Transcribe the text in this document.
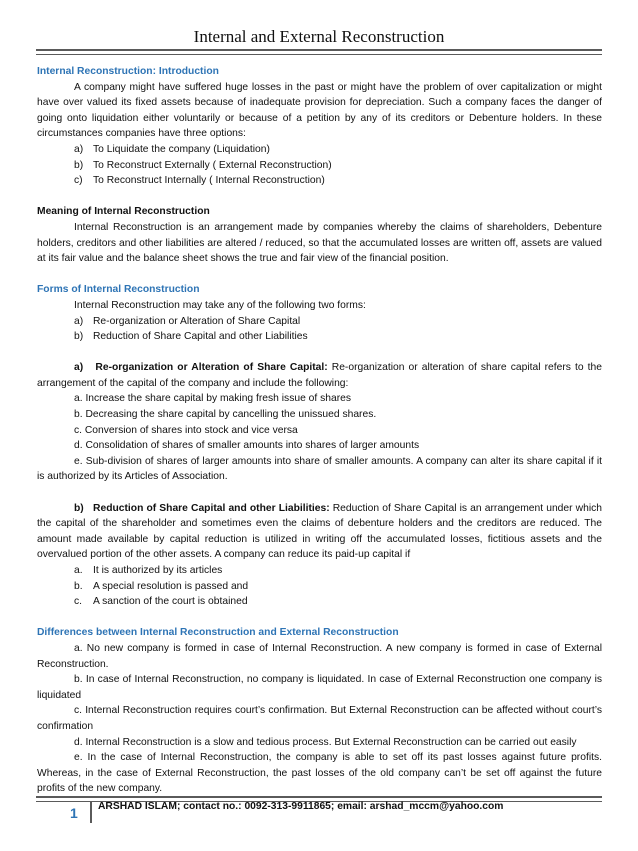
Internal and External Reconstruction
Internal Reconstruction: Introduction

A company might have suffered huge losses in the past or might have the problem of over capitalization or might have over valued its fixed assets because of inadequate provision for depreciation. Such a company faces the danger of going onto liquidation either voluntarily or because of a petition by any of its creditors or Debenture holders. In these circumstances companies have three options:

a) To Liquidate the company (Liquidation)
b) To Reconstruct Externally ( External Reconstruction)
c)	To Reconstruct Internally ( Internal Reconstruction)
Meaning of Internal Reconstruction

Internal Reconstruction is an arrangement made by companies whereby the claims of shareholders, Debenture holders, creditors and other liabilities are altered / reduced, so that the accumulated losses are written off, assets are valued at its fair value and the balance sheet shows the true and fair view of the financial position.

Forms of Internal Reconstruction

Internal Reconstruction may take any of the following two forms:

a) Re-organization or Alteration of Share Capital
b) Reduction of Share Capital and other Liabilities

a)   Re-organization or Alteration of Share Capital: Re-organization or alteration of share capital refers to the arrangement of the capital of the company and include the following:

a. Increase the share capital by making fresh issue of shares
b. Decreasing the share capital by cancelling the unissued shares.
c. Conversion of shares into stock and vice versa
d. Consolidation of shares of smaller amounts into shares of larger amounts

e. Sub-division of shares of larger amounts into share of smaller amounts. A company can alter its share capital if it is authorized by its Articles of Association.

b)   Reduction of Share Capital and other Liabilities: Reduction of Share Capital is an arrangement under which the capital of the shareholder and sometimes even the claims of debenture holders and the creditors are reduced. The amount made available by capital reduction is utilized in writing off the accumulated losses, fictitious assets and the overvalued portion of the other assets. A company can reduce its paid-up capital if

a.	It is authorized by its articles
b.	A special resolution is passed and
c.	A sanction of the court is obtained
Differences between Internal Reconstruction and External Reconstruction

a. No new company is formed in case of Internal Reconstruction. A new company is formed in case of External Reconstruction.

b. In case of Internal Reconstruction, no company is liquidated. In case of External Reconstruction one company is liquidated

c. Internal Reconstruction requires court’s confirmation. But External Reconstruction can be affected without court’s confirmation

d. Internal Reconstruction is a slow and tedious process. But External Reconstruction can be carried out easily

e. In the case of Internal Reconstruction, the company is able to set off its past losses against future profits. Whereas, in the case of External Reconstruction, the past losses of the old company can’t be set off against the future profits of the new company.

1 ARSHAD ISLAM; contact no.: 0092-313-9911865; email: arshad_mccm@yahoo.com
